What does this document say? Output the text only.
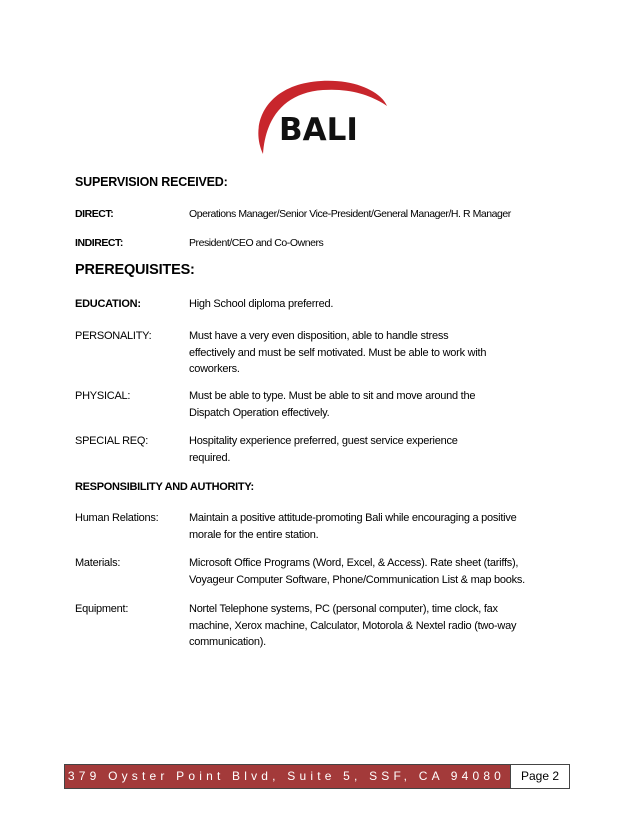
BALI
SUPERVISION RECEIVED:
DIRECT:	Operations Manager/Senior Vice-President/General Manager/H. R Manager
INDIRECT:	President/CEO and Co-Owners
PREREQUISITES:
EDUCATION:	High School diploma preferred.
PERSONALITY:	Must have a very even disposition, able to handle stress
effectively and must be self motivated. Must be able to work with
coworkers.
PHYSICAL:	Must be able to type. Must be able to sit and move around the
Dispatch Operation effectively.
SPECIAL REQ:	Hospitality experience preferred, guest service experience
required.
RESPONSIBILITY AND AUTHORITY:
Human Relations:	Maintain a positive attitude-promoting Bali while encouraging a positive
morale for the entire station.
Materials:	Microsoft Office Programs (Word, Excel, & Access). Rate sheet (tariffs),
Voyageur Computer Software, Phone/Communication List & map books.
Equipment:	Nortel Telephone systems, PC (personal computer), time clock, fax
machine, Xerox machine, Calculator, Motorola & Nextel radio (two-way
communication).
379 Oyster Point Blvd, Suite 5, SSF, CA 94080	Page 2
